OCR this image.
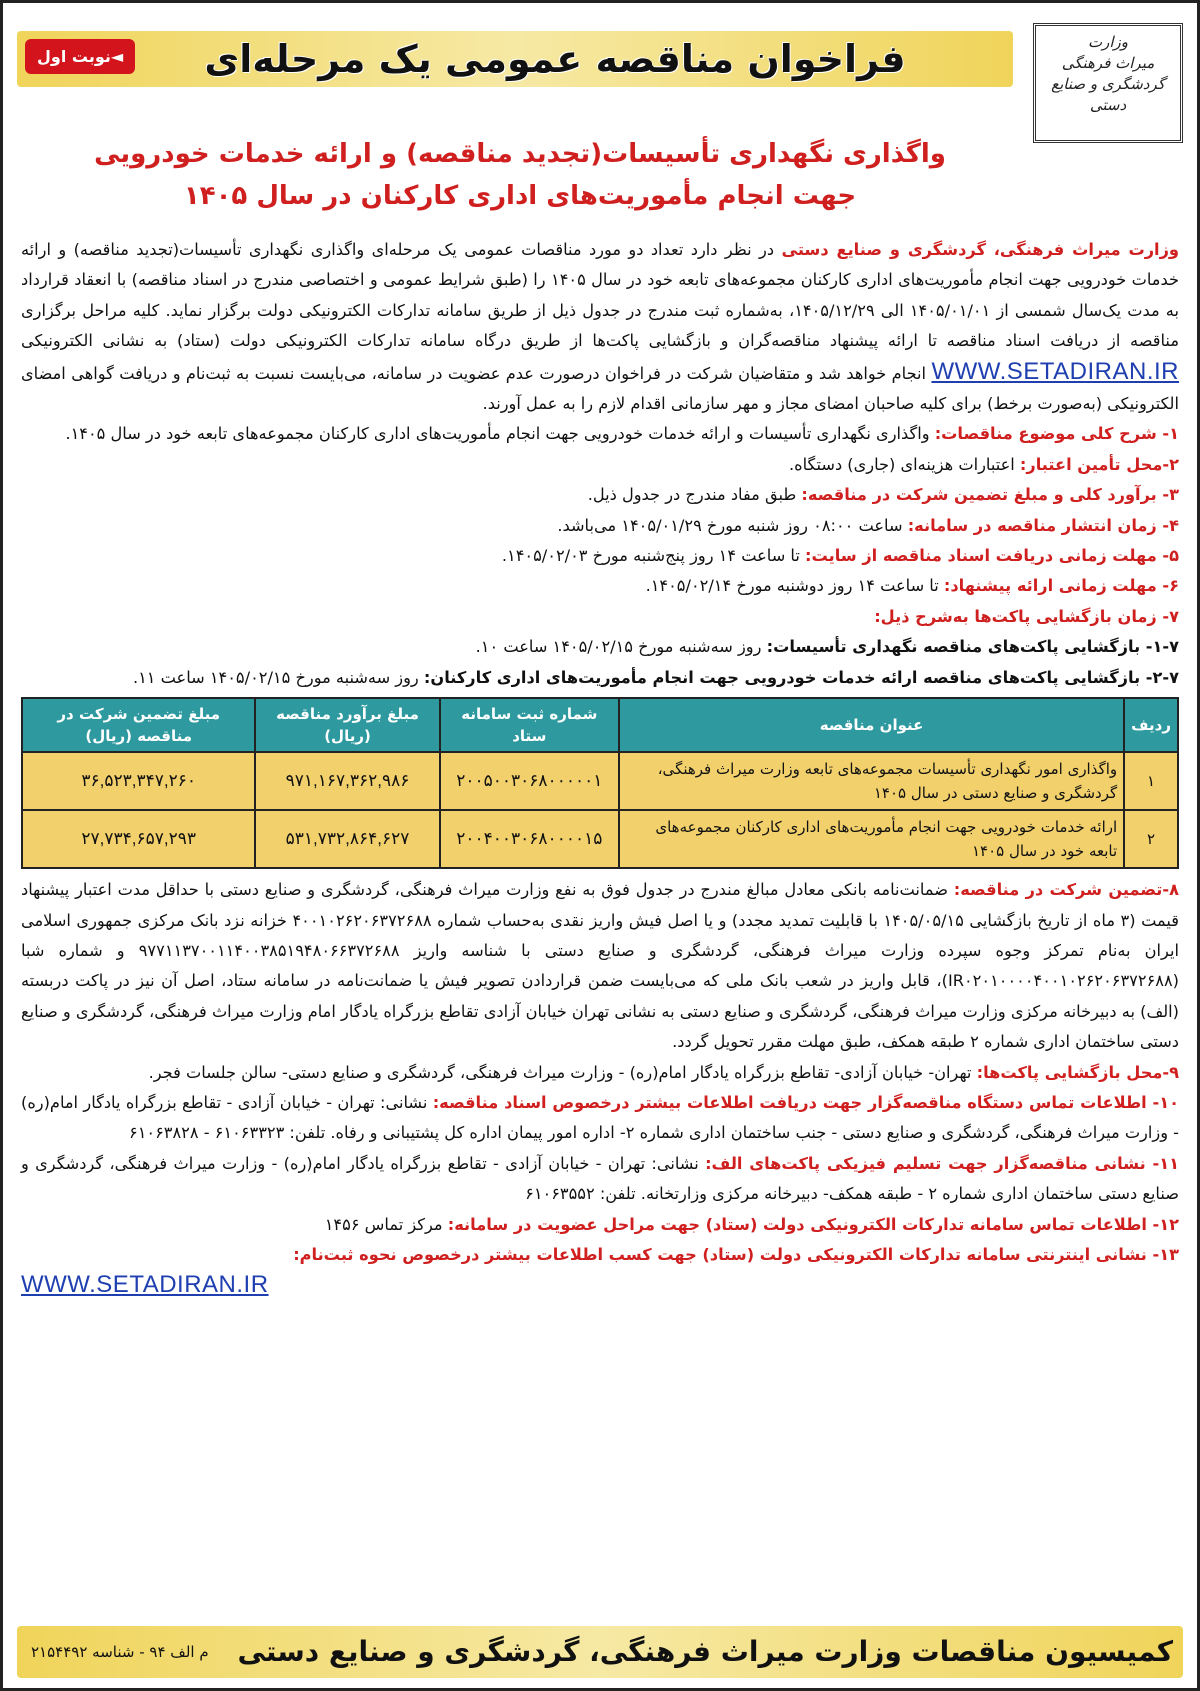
وزارت
میراث فرهنگی
گردشگری و صنایع دستی
فراخوان مناقصه عمومی یک مرحله‌ای
◄نوبت اول
واگذاری نگهداری تأسیسات(تجدید مناقصه) و ارائه خدمات خودرویی
جهت انجام مأموریت‌های اداری کارکنان در سال ۱۴۰۵

وزارت میراث فرهنگی، گردشگری و صنایع دستی در نظر دارد تعداد دو مورد مناقصات عمومی یک مرحله‌ای واگذاری نگهداری تأسیسات(تجدید مناقصه) و ارائه خدمات خودرویی جهت انجام مأموریت‌های اداری کارکنان مجموعه‌های تابعه خود در سال ۱۴۰۵ را (طبق شرایط عمومی و اختصاصی مندرج در اسناد مناقصه) با انعقاد قرارداد به مدت یک‌سال شمسی از ۱۴۰۵/۰۱/۰۱ الی ۱۴۰۵/۱۲/۲۹، به‌شماره ثبت مندرج در جدول ذیل از طریق سامانه تدارکات الکترونیکی دولت برگزار نماید. کلیه مراحل برگزاری مناقصه از دریافت اسناد مناقصه تا ارائه پیشنهاد مناقصه‌گران و بازگشایی پاکت‌ها از طریق درگاه سامانه تدارکات الکترونیکی دولت (ستاد) به نشانی الکترونیکی WWW.SETADIRAN.IR انجام خواهد شد و متقاضیان شرکت در فراخوان درصورت عدم عضویت در سامانه، می‌بایست نسبت به ثبت‌نام و دریافت گواهی امضای الکترونیکی (به‌صورت برخط) برای کلیه صاحبان امضای مجاز و مهر سازمانی اقدام لازم را به عمل آورند.

۱- شرح کلی موضوع مناقصات: واگذاری نگهداری تأسیسات و ارائه خدمات خودرویی جهت انجام مأموریت‌های اداری کارکنان مجموعه‌های تابعه خود در سال ۱۴۰۵.

۲-محل تأمین اعتبار: اعتبارات هزینه‌ای (جاری) دستگاه.

۳- برآورد کلی و مبلغ تضمین شرکت در مناقصه: طبق مفاد مندرج در جدول ذیل.

۴- زمان انتشار مناقصه در سامانه: ساعت ۰۸:۰۰ روز شنبه مورخ ۱۴۰۵/۰۱/۲۹ می‌باشد.

۵- مهلت زمانی دریافت اسناد مناقصه از سایت: تا ساعت ۱۴ روز پنج‌شنبه مورخ ۱۴۰۵/۰۲/۰۳.

۶- مهلت زمانی ارائه پیشنهاد: تا ساعت ۱۴ روز دوشنبه مورخ ۱۴۰۵/۰۲/۱۴.

۷- زمان بازگشایی پاکت‌ها به‌شرح ذیل:

۱-۷- بازگشایی پاکت‌های مناقصه نگهداری تأسیسات: روز سه‌شنبه مورخ ۱۴۰۵/۰۲/۱۵ ساعت ۱۰.

۲-۷- بازگشایی پاکت‌های مناقصه ارائه خدمات خودرویی جهت انجام مأموریت‌های اداری کارکنان: روز سه‌شنبه مورخ ۱۴۰۵/۰۲/۱۵ ساعت ۱۱.

ردیف	عنوان مناقصه	شماره ثبت سامانه ستاد	مبلغ برآورد مناقصه (ریال)	مبلغ تضمین شرکت در مناقصه (ریال)
۱	واگذاری امور نگهداری تأسیسات مجموعه‌های تابعه وزارت میراث فرهنگی، گردشگری و صنایع دستی در سال ۱۴۰۵	۲۰۰۵۰۰۳۰۶۸۰۰۰۰۰۱	۹۷۱,۱۶۷,۳۶۲,۹۸۶	۳۶,۵۲۳,۳۴۷,۲۶۰
۲	ارائه خدمات خودرویی جهت انجام مأموریت‌های اداری کارکنان مجموعه‌های تابعه خود در سال ۱۴۰۵	۲۰۰۴۰۰۳۰۶۸۰۰۰۰۱۵	۵۳۱,۷۳۲,۸۶۴,۶۲۷	۲۷,۷۳۴,۶۵۷,۲۹۳

۸-تضمین شرکت در مناقصه: ضمانت‌نامه بانکی معادل مبالغ مندرج در جدول فوق به نفع وزارت میراث فرهنگی، گردشگری و صنایع دستی با حداقل مدت اعتبار پیشنهاد قیمت (۳ ماه از تاریخ بازگشایی ۱۴۰۵/۰۵/۱۵ با قابلیت تمدید مجدد) و یا اصل فیش واریز نقدی به‌حساب شماره ۴۰۰۱۰۲۶۲۰۶۳۷۲۶۸۸ خزانه نزد بانک مرکزی جمهوری اسلامی ایران به‌نام تمرکز وجوه سپرده وزارت میراث فرهنگی، گردشگری و صنایع دستی با شناسه واریز ۹۷۷۱۱۳۷۰۰۱۱۴۰۰۳۸۵۱۹۴۸۰۶۶۳۷۲۶۸۸ و شماره شبا (IR۰۲۰۱۰۰۰۰۴۰۰۱۰۲۶۲۰۶۳۷۲۶۸۸)، قابل واریز در شعب بانک ملی که می‌بایست ضمن قراردادن تصویر فیش یا ضمانت‌نامه در سامانه ستاد، اصل آن نیز در پاکت دربسته (الف) به دبیرخانه مرکزی وزارت میراث فرهنگی، گردشگری و صنایع دستی به نشانی تهران خیابان آزادی تقاطع بزرگراه یادگار امام وزارت میراث فرهنگی، گردشگری و صنایع دستی ساختمان اداری شماره ۲ طبقه همکف، طبق مهلت مقرر تحویل گردد.

۹-محل بازگشایی پاکت‌ها: تهران- خیابان آزادی- تقاطع بزرگراه یادگار امام(ره) - وزارت میراث فرهنگی، گردشگری و صنایع دستی- سالن جلسات فجر.

۱۰- اطلاعات تماس دستگاه مناقصه‌گزار جهت دریافت اطلاعات بیشتر درخصوص اسناد مناقصه: نشانی: تهران - خیابان آزادی - تقاطع بزرگراه یادگار امام(ره) - وزارت میراث فرهنگی، گردشگری و صنایع دستی - جنب ساختمان اداری شماره ۲- اداره امور پیمان اداره کل پشتیبانی و رفاه. تلفن: ۶۱۰۶۳۳۲۳ - ۶۱۰۶۳۸۲۸

۱۱- نشانی مناقصه‌گزار جهت تسلیم فیزیکی پاکت‌های الف: نشانی: تهران - خیابان آزادی - تقاطع بزرگراه یادگار امام(ره) - وزارت میراث فرهنگی، گردشگری و صنایع دستی ساختمان اداری شماره ۲ - طبقه همکف- دبیرخانه مرکزی وزارتخانه. تلفن: ۶۱۰۶۳۵۵۲

۱۲- اطلاعات تماس سامانه تدارکات الکترونیکی دولت (ستاد) جهت مراحل عضویت در سامانه: مرکز تماس ۱۴۵۶

۱۳- نشانی اینترنتی سامانه تدارکات الکترونیکی دولت (ستاد) جهت کسب اطلاعات بیشتر درخصوص نحوه ثبت‌نام:

WWW.SETADIRAN.IR

کمیسیون مناقصات وزارت میراث فرهنگی، گردشگری و صنایع دستی
م الف ۹۴ - شناسه ۲۱۵۴۴۹۲
